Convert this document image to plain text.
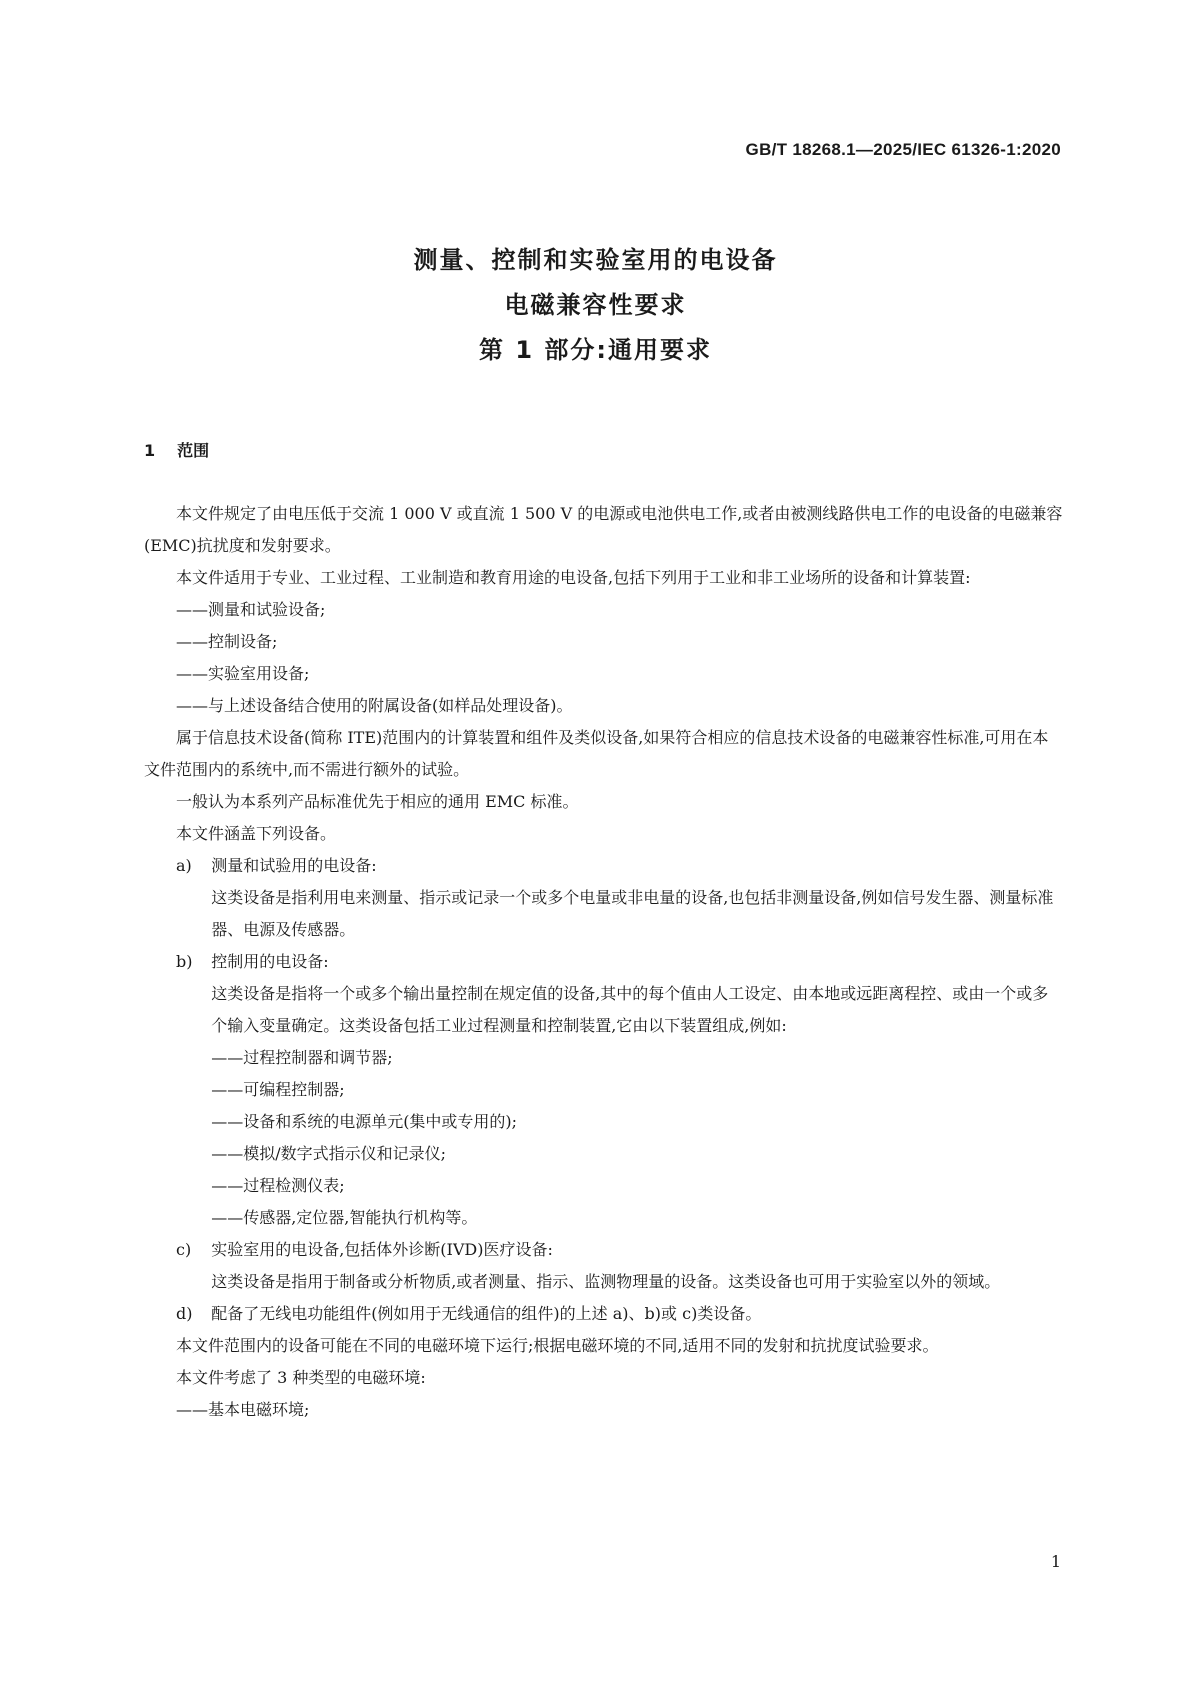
GB/T 18268.1—2025/IEC 61326-1:2020
测量、控制和实验室用的电设备
电磁兼容性要求
第 1 部分:通用要求
1 范围

本文件规定了由电压低于交流 1 000 V 或直流 1 500 V 的电源或电池供电工作,或者由被测线路供电工作的电设备的电磁兼容(EMC)抗扰度和发射要求。

本文件适用于专业、工业过程、工业制造和教育用途的电设备,包括下列用于工业和非工业场所的设备和计算装置:

——测量和试验设备;

——控制设备;

——实验室用设备;

——与上述设备结合使用的附属设备(如样品处理设备)。

属于信息技术设备(简称 ITE)范围内的计算装置和组件及类似设备,如果符合相应的信息技术设备的电磁兼容性标准,可用在本文件范围内的系统中,而不需进行额外的试验。

一般认为本系列产品标准优先于相应的通用 EMC 标准。

本文件涵盖下列设备。

a) 测量和试验用的电设备:

这类设备是指利用电来测量、指示或记录一个或多个电量或非电量的设备,也包括非测量设备,例如信号发生器、测量标准器、电源及传感器。

b) 控制用的电设备:

这类设备是指将一个或多个输出量控制在规定值的设备,其中的每个值由人工设定、由本地或远距离程控、或由一个或多个输入变量确定。这类设备包括工业过程测量和控制装置,它由以下装置组成,例如:

——过程控制器和调节器;

——可编程控制器;

——设备和系统的电源单元(集中或专用的);

——模拟/数字式指示仪和记录仪;

——过程检测仪表;

——传感器,定位器,智能执行机构等。

c) 实验室用的电设备,包括体外诊断(IVD)医疗设备:

这类设备是指用于制备或分析物质,或者测量、指示、监测物理量的设备。这类设备也可用于实验室以外的领域。

d) 配备了无线电功能组件(例如用于无线通信的组件)的上述 a)、b)或 c)类设备。

本文件范围内的设备可能在不同的电磁环境下运行;根据电磁环境的不同,适用不同的发射和抗扰度试验要求。

本文件考虑了 3 种类型的电磁环境:

——基本电磁环境;

1
